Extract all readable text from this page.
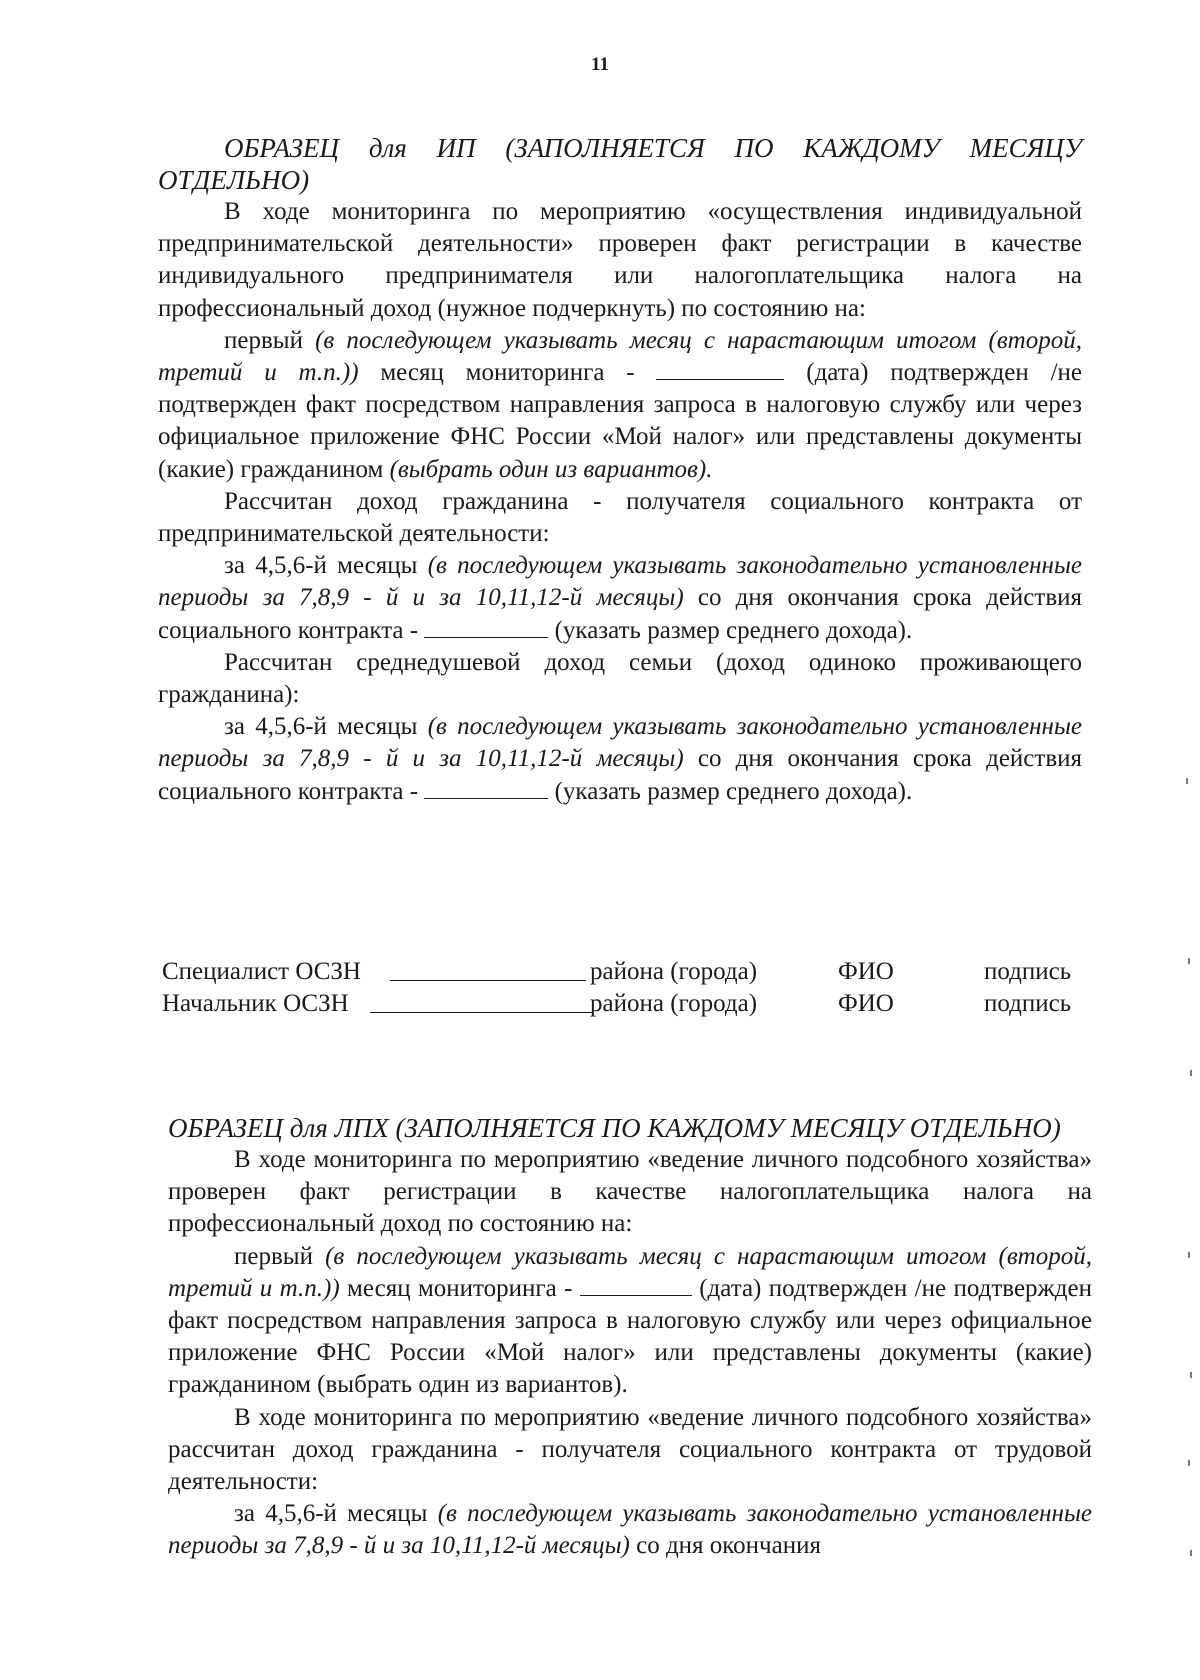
11

ОБРАЗЕЦ для ИП (ЗАПОЛНЯЕТСЯ ПО КАЖДОМУ МЕСЯЦУ ОТДЕЛЬНО)

В ходе мониторинга по мероприятию «осуществления индивидуальной предпринимательской деятельности» проверен факт регистрации в качестве индивидуального предпринимателя или налогоплательщика налога на профессиональный доход (нужное подчеркнуть) по состоянию на:

первый (в последующем указывать месяц с нарастающим итогом (второй, третий и т.п.)) месяц мониторинга -	(дата) подтвержден /не подтвержден факт посредством направления запроса в налоговую службу или через официальное приложение ФНС России «Мой налог» или представлены документы (какие) гражданином (выбрать один из вариантов).

Рассчитан доход гражданина - получателя социального контракта от предпринимательской деятельности:

за 4,5,6-й месяцы (в последующем указывать законодательно установленные периоды за 7,8,9 - й и за 10,11,12-й месяцы) со дня окончания срока действия социального контракта -	(указать размер среднего дохода).

Рассчитан среднедушевой доход семьи (доход одиноко проживающего гражданина):

за 4,5,6-й месяцы (в последующем указывать законодательно установленные периоды за 7,8,9 - й и за 10,11,12-й месяцы) со дня окончания срока действия социального контракта -	(указать размер среднего дохода).

Специалист ОСЗН	района (города)	ФИО	подпись
Начальник ОСЗН	района (города)	ФИО	подпись

ОБРАЗЕЦ для ЛПХ (ЗАПОЛНЯЕТСЯ ПО КАЖДОМУ МЕСЯЦУ ОТДЕЛЬНО)

В ходе мониторинга по мероприятию «ведение личного подсобного хозяйства» проверен факт регистрации в качестве налогоплательщика налога на профессиональный доход по состоянию на:

первый (в последующем указывать месяц с нарастающим итогом (второй, третий и т.п.)) месяц мониторинга -	(дата) подтвержден /не подтвержден факт посредством направления запроса в налоговую службу или через официальное приложение ФНС России «Мой налог» или представлены документы (какие) гражданином (выбрать один из вариантов).

В ходе мониторинга по мероприятию «ведение личного подсобного хозяйства» рассчитан доход гражданина - получателя социального контракта от трудовой деятельности:

за 4,5,6-й месяцы (в последующем указывать законодательно установленные периоды за 7,8,9 - й и за 10,11,12-й месяцы) со дня окончания
